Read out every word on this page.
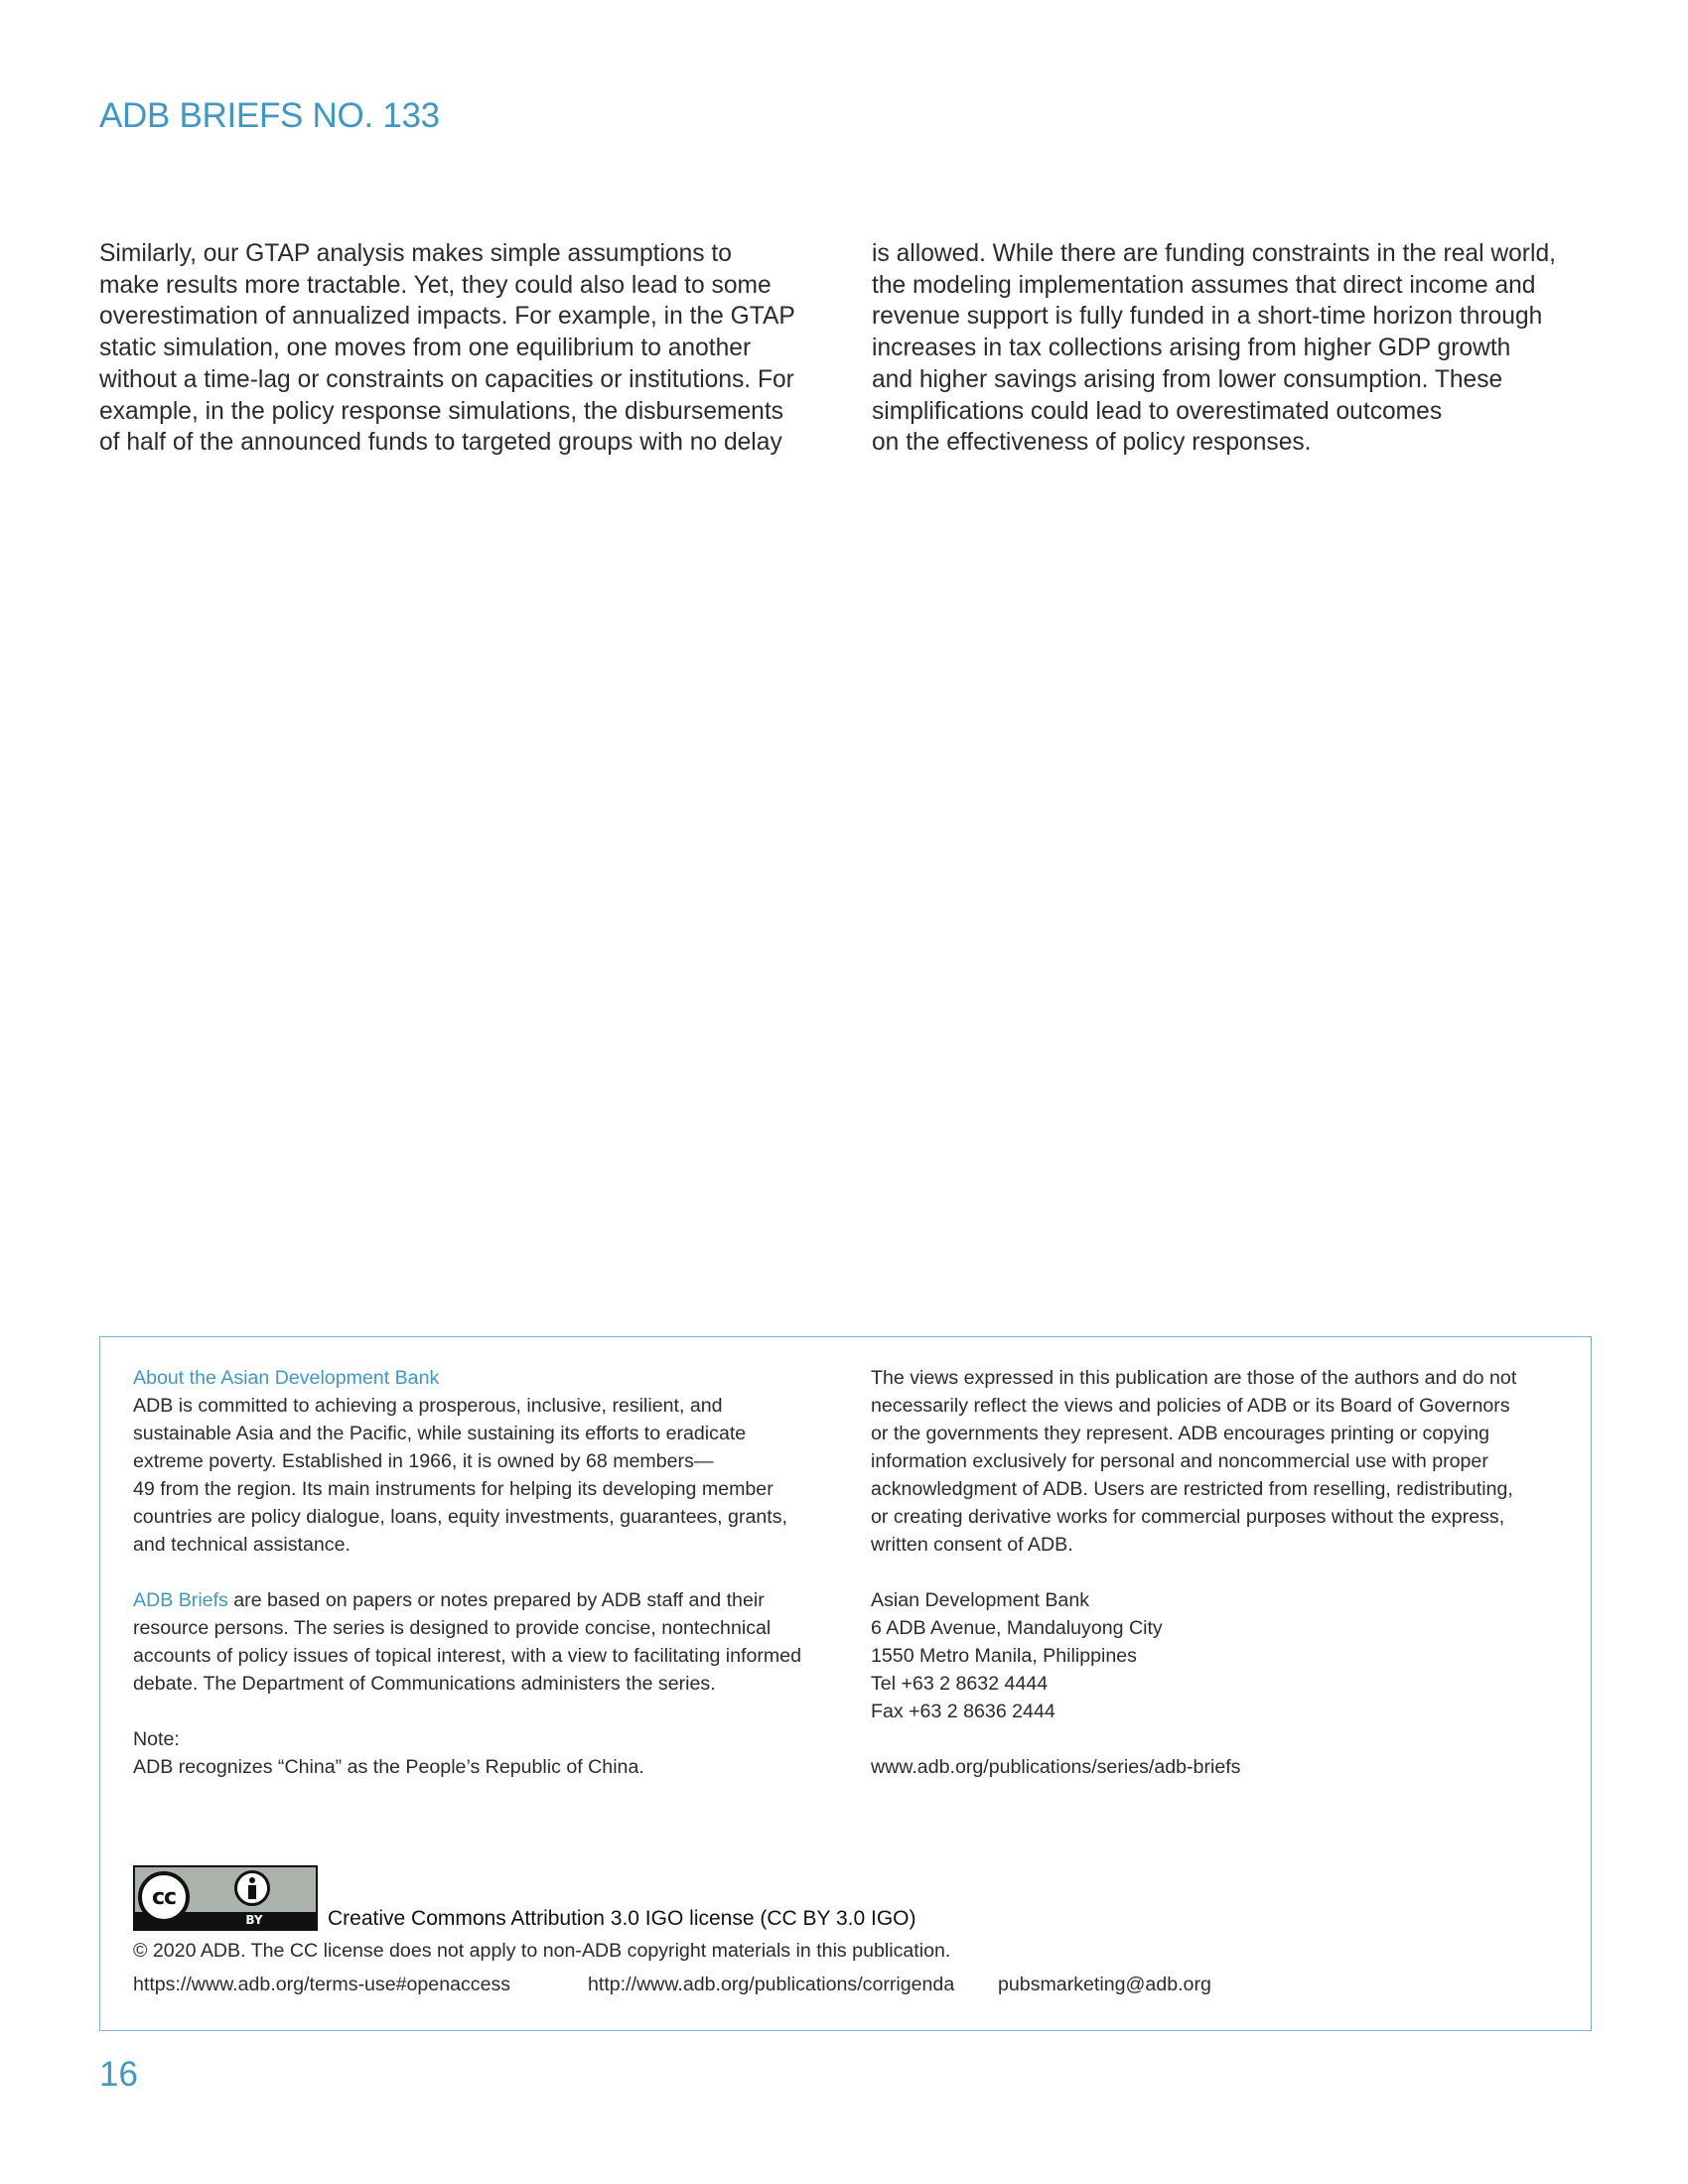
ADB BRIEFS NO. 133

Similarly, our GTAP analysis makes simple assumptions to

make results more tractable. Yet, they could also lead to some

overestimation of annualized impacts. For example, in the GTAP

static simulation, one moves from one equilibrium to another

without a time-lag or constraints on capacities or institutions. For

example, in the policy response simulations, the disbursements

of half of the announced funds to targeted groups with no delay

is allowed. While there are funding constraints in the real world,

the modeling implementation assumes that direct income and

revenue support is fully funded in a short-time horizon through

increases in tax collections arising from higher GDP growth

and higher savings arising from lower consumption. These

simplifications could lead to overestimated outcomes

on the effectiveness of policy responses.

About the Asian Development Bank

ADB is committed to achieving a prosperous, inclusive, resilient, and

sustainable Asia and the Pacific, while sustaining its efforts to eradicate

extreme poverty. Established in 1966, it is owned by 68 members—

49 from the region. Its main instruments for helping its developing member

countries are policy dialogue, loans, equity investments, guarantees, grants,

and technical assistance.

ADB Briefs are based on papers or notes prepared by ADB staff and their

resource persons. The series is designed to provide concise, nontechnical

accounts of policy issues of topical interest, with a view to facilitating informed

debate. The Department of Communications administers the series.

Note:

ADB recognizes “China” as the People’s Republic of China.

The views expressed in this publication are those of the authors and do not

necessarily reflect the views and policies of ADB or its Board of Governors

or the governments they represent. ADB encourages printing or copying

information exclusively for personal and noncommercial use with proper

acknowledgment of ADB. Users are restricted from reselling, redistributing,

or creating derivative works for commercial purposes without the express,

written consent of ADB.

Asian Development Bank

6 ADB Avenue, Mandaluyong City

1550 Metro Manila, Philippines

Tel +63 2 8632 4444

Fax +63 2 8636 2444

www.adb.org/publications/series/adb-briefs

cc
BY	Creative Commons Attribution 3.0 IGO license (CC BY 3.0 IGO)
© 2020 ADB. The CC license does not apply to non-ADB copyright materials in this publication.
https://www.adb.org/terms-use#openaccess	http://www.adb.org/publications/corrigenda	pubsmarketing@adb.org
16
